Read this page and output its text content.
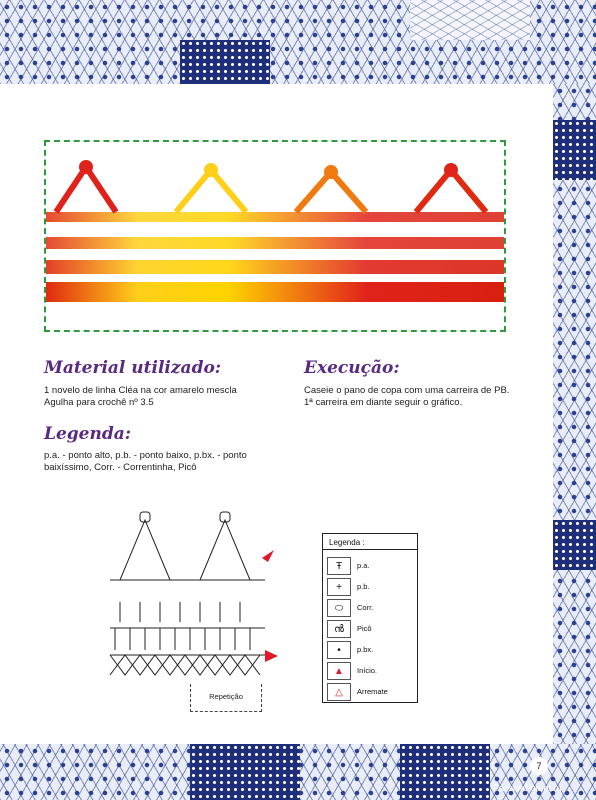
Material utilizado:
1 novelo de linha Cléa na cor amarelo mescla
Agulha para crochê nº 3.5
Execução:
Caseie o pano de copa com uma carreira de PB.
1ª carreira em diante seguir o gráfico.
Legenda:
p.a. - ponto alto, p.b. - ponto baixo, p.bx. - ponto
baixíssimo, Corr. - Correntinha, Picô
Repetição
Legenda :
Ŧ	p.a.
+	p.b.
⬭	Corr.
ൻ	Picô
•	p.bx.
▲	Início.
△	Arremate
7
PassionForum.ru
